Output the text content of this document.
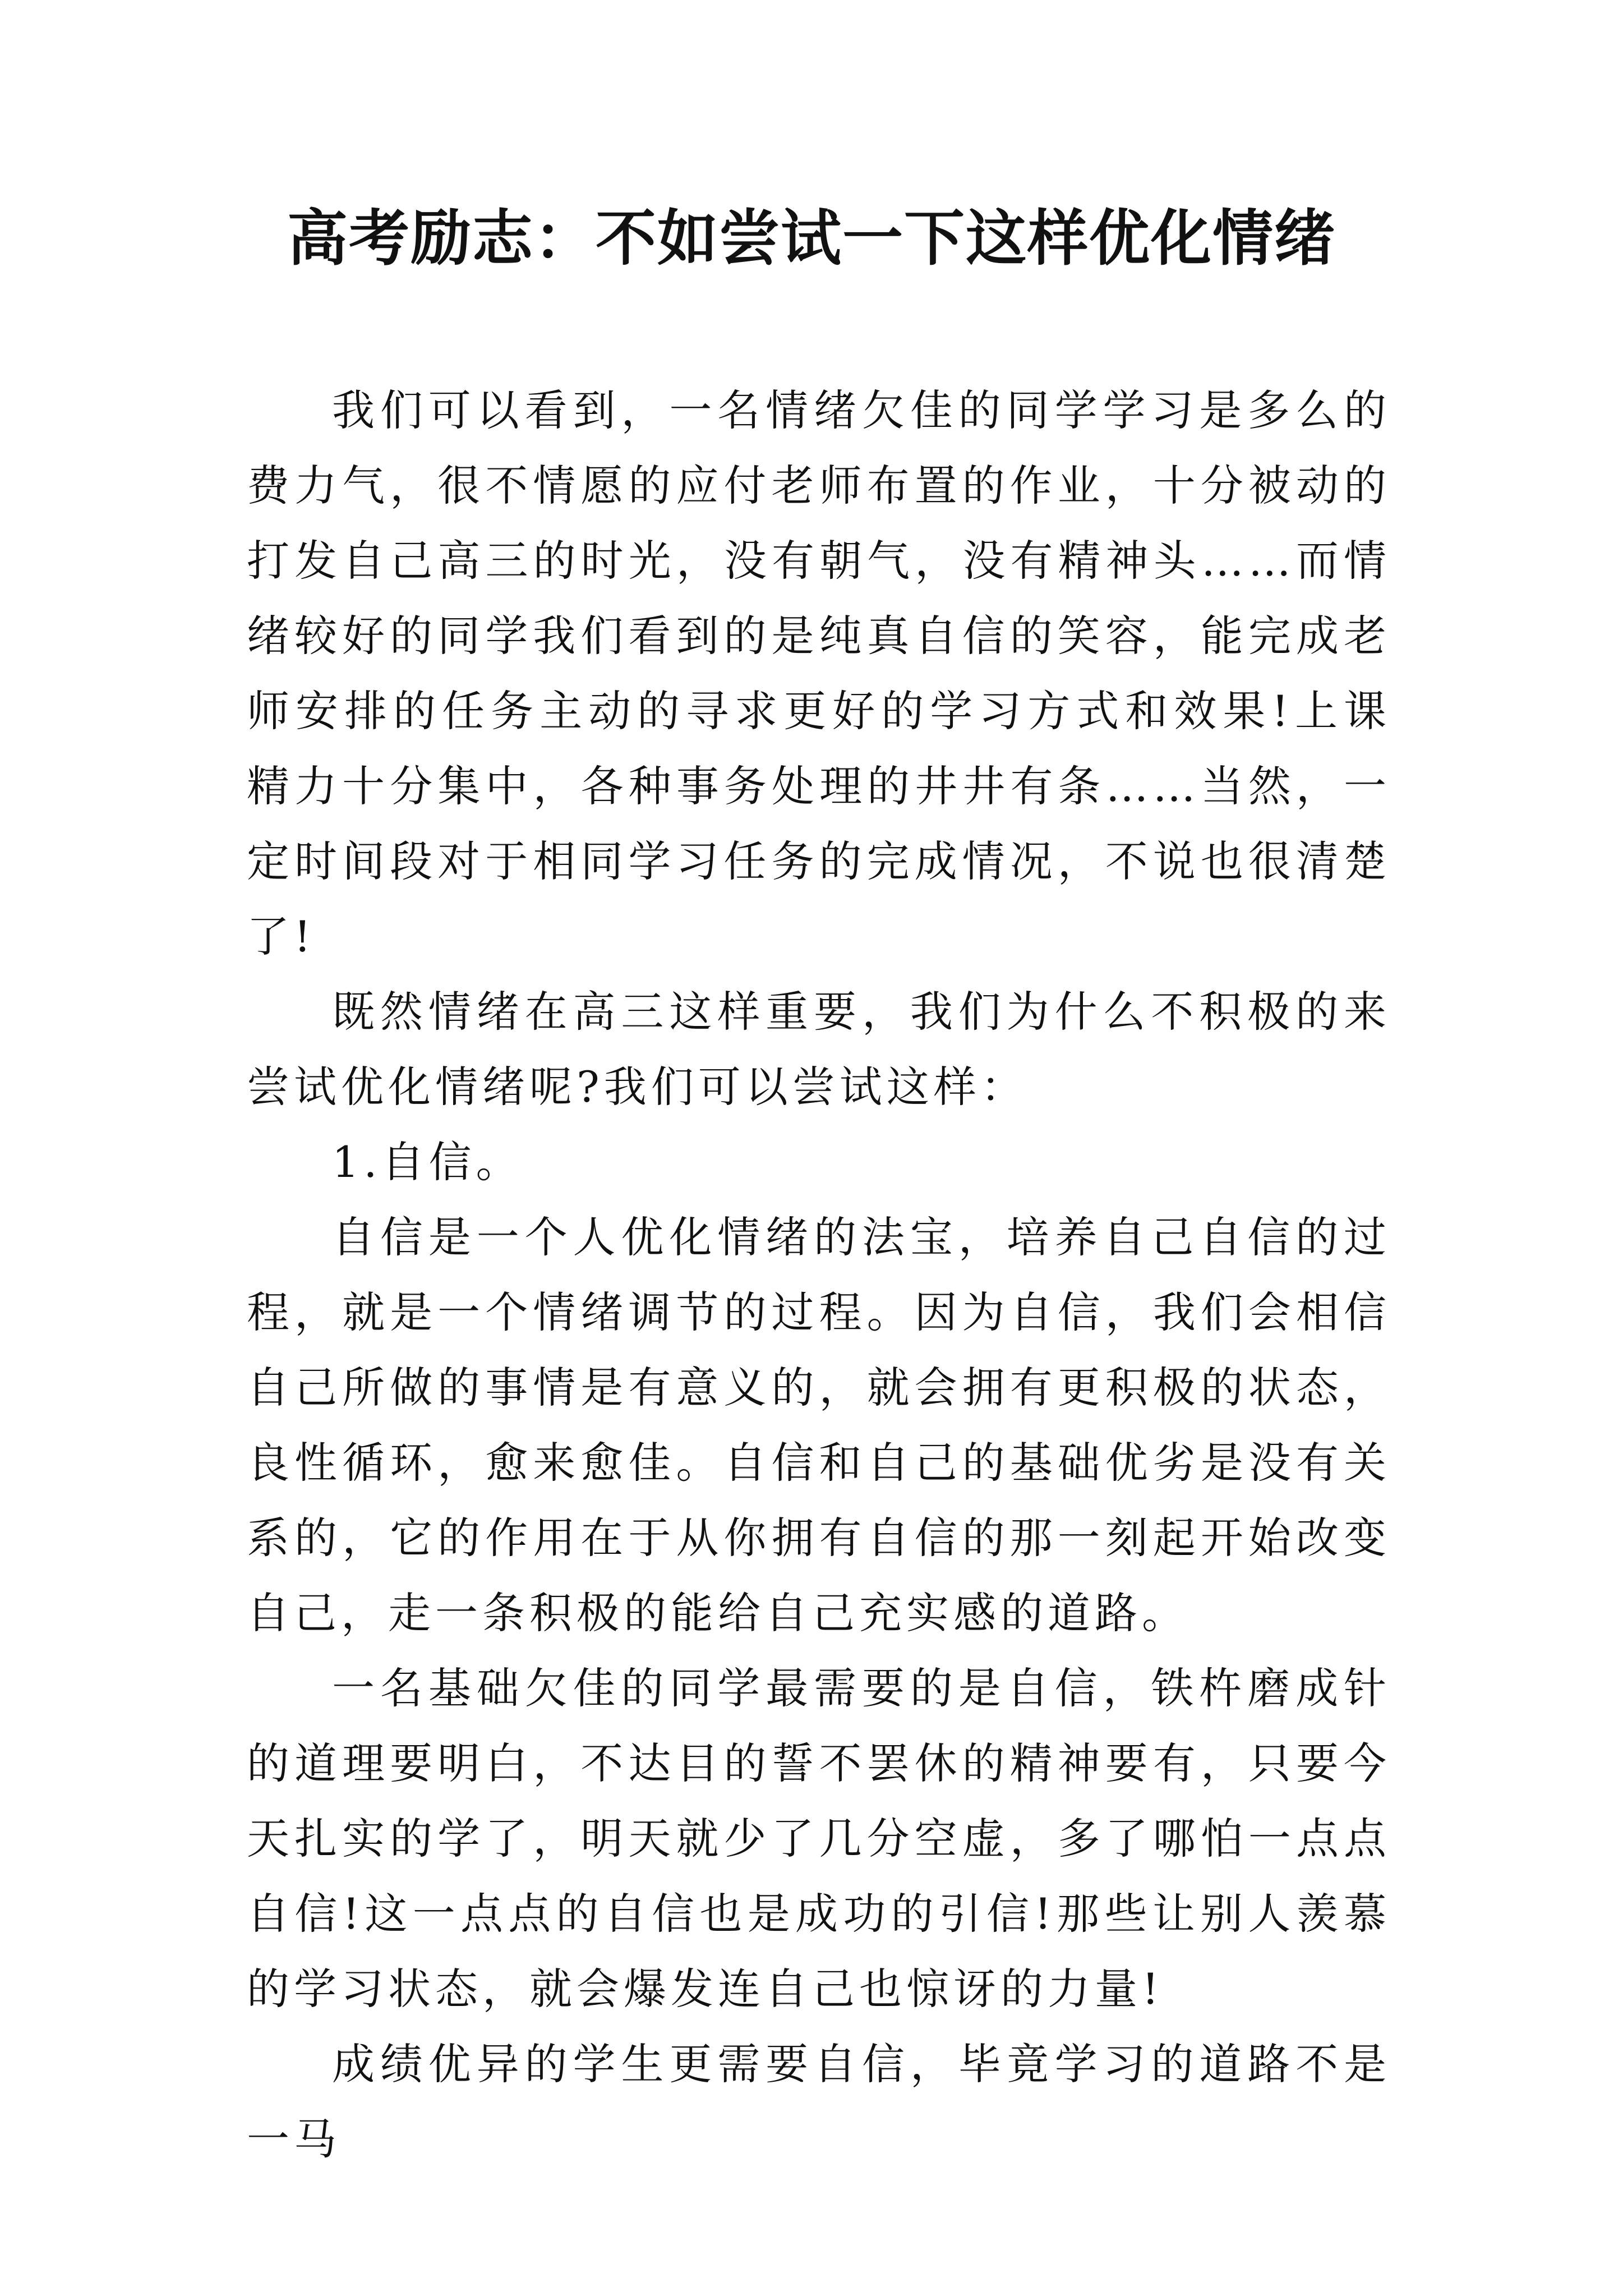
高考励志：不如尝试一下这样优化情绪

我们可以看到，一名情绪欠佳的同学学习是多么的费力气，很不情愿的应付老师布置的作业，十分被动的打发自己高三的时光，没有朝气，没有精神头……而情绪较好的同学我们看到的是纯真自信的笑容，能完成老师安排的任务主动的寻求更好的学习方式和效果!上课精力十分集中，各种事务处理的井井有条……当然，一定时间段对于相同学习任务的完成情况，不说也很清楚了!

既然情绪在高三这样重要，我们为什么不积极的来尝试优化情绪呢?我们可以尝试这样：

1.自信。

自信是一个人优化情绪的法宝，培养自己自信的过程，就是一个情绪调节的过程。因为自信，我们会相信自己所做的事情是有意义的，就会拥有更积极的状态，良性循环，愈来愈佳。自信和自己的基础优劣是没有关系的，它的作用在于从你拥有自信的那一刻起开始改变自己，走一条积极的能给自己充实感的道路。

一名基础欠佳的同学最需要的是自信，铁杵磨成针的道理要明白，不达目的誓不罢休的精神要有，只要今天扎实的学了，明天就少了几分空虚，多了哪怕一点点自信!这一点点的自信也是成功的引信!那些让别人羡慕的学习状态，就会爆发连自己也惊讶的力量!

成绩优异的学生更需要自信，毕竟学习的道路不是一马
